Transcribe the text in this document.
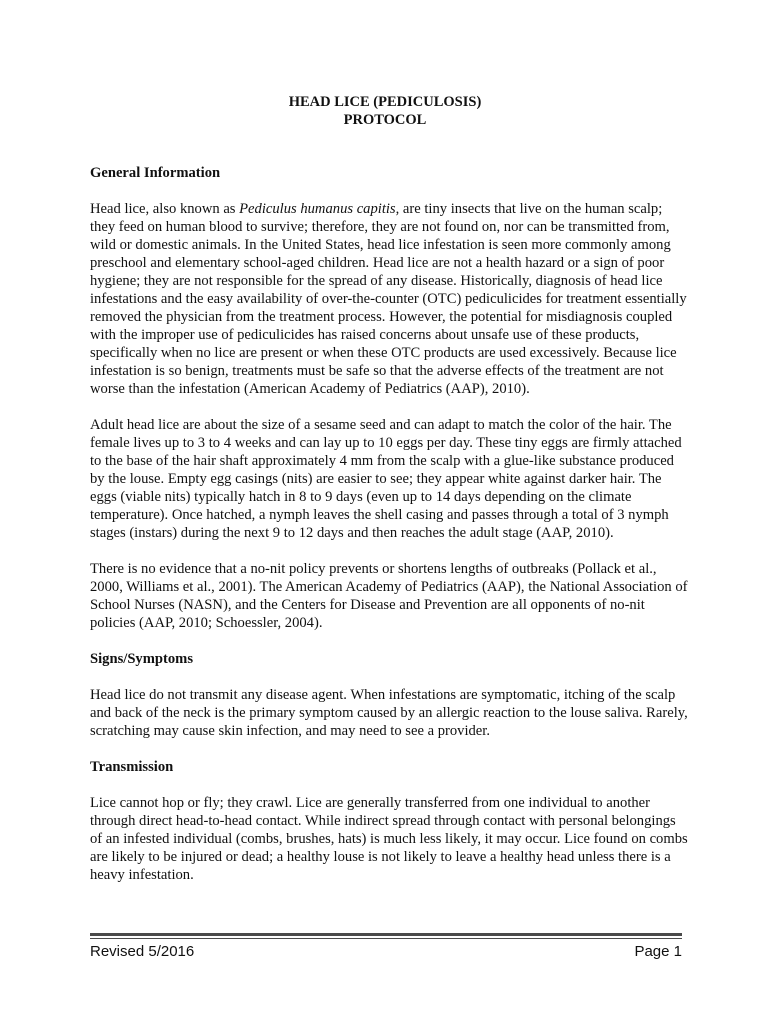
HEAD LICE (PEDICULOSIS)
PROTOCOL
General Information

Head lice, also known as Pediculus humanus capitis, are tiny insects that live on the human scalp; they feed on human blood to survive; therefore, they are not found on, nor can be transmitted from, wild or domestic animals. In the United States, head lice infestation is seen more commonly among preschool and elementary school-aged children. Head lice are not a health hazard or a sign of poor hygiene; they are not responsible for the spread of any disease. Historically, diagnosis of head lice infestations and the easy availability of over-the-counter (OTC) pediculicides for treatment essentially removed the physician from the treatment process. However, the potential for misdiagnosis coupled with the improper use of pediculicides has raised concerns about unsafe use of these products, specifically when no lice are present or when these OTC products are used excessively. Because lice infestation is so benign, treatments must be safe so that the adverse effects of the treatment are not worse than the infestation (American Academy of Pediatrics (AAP), 2010).

Adult head lice are about the size of a sesame seed and can adapt to match the color of the hair. The female lives up to 3 to 4 weeks and can lay up to 10 eggs per day. These tiny eggs are firmly attached to the base of the hair shaft approximately 4 mm from the scalp with a glue-like substance produced by the louse. Empty egg casings (nits) are easier to see; they appear white against darker hair. The eggs (viable nits) typically hatch in 8 to 9 days (even up to 14 days depending on the climate temperature). Once hatched, a nymph leaves the shell casing and passes through a total of 3 nymph stages (instars) during the next 9 to 12 days and then reaches the adult stage (AAP, 2010).

There is no evidence that a no-nit policy prevents or shortens lengths of outbreaks (Pollack et al., 2000, Williams et al., 2001). The American Academy of Pediatrics (AAP), the National Association of School Nurses (NASN), and the Centers for Disease and Prevention are all opponents of no-nit policies (AAP, 2010; Schoessler, 2004).

Signs/Symptoms

Head lice do not transmit any disease agent. When infestations are symptomatic, itching of the scalp and back of the neck is the primary symptom caused by an allergic reaction to the louse saliva. Rarely, scratching may cause skin infection, and may need to see a provider.

Transmission

Lice cannot hop or fly; they crawl. Lice are generally transferred from one individual to another through direct head-to-head contact. While indirect spread through contact with personal belongings of an infested individual (combs, brushes, hats) is much less likely, it may occur. Lice found on combs are likely to be injured or dead; a healthy louse is not likely to leave a healthy head unless there is a heavy infestation.

Revised 5/2016	Page 1
